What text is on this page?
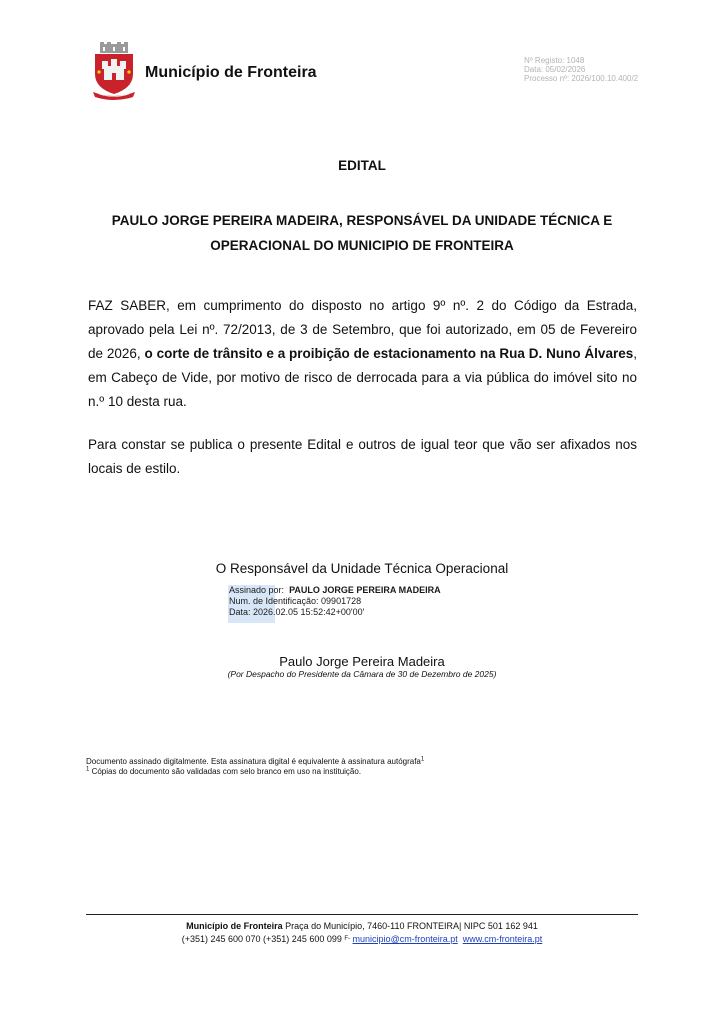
Município de Fronteira
Nº Registo: 1048
Data: 05/02/2026
Processo nº: 2026/100.10.400/2
EDITAL
PAULO JORGE PEREIRA MADEIRA, RESPONSÁVEL DA UNIDADE TÉCNICA E
OPERACIONAL DO MUNICIPIO DE FRONTEIRA
FAZ SABER, em cumprimento do disposto no artigo 9º nº. 2 do Código da Estrada, aprovado pela Lei nº. 72/2013, de 3 de Setembro, que foi autorizado, em 05 de Fevereiro de 2026, o corte de trânsito e a proibição de estacionamento na Rua D. Nuno Álvares, em Cabeço de Vide, por motivo de risco de derrocada para a via pública do imóvel sito no n.º 10 desta rua.
Para constar se publica o presente Edital e outros de igual teor que vão ser afixados nos locais de estilo.
O Responsável da Unidade Técnica Operacional
Assinado por: PAULO JORGE PEREIRA MADEIRA
Num. de Identificação: 09901728
Data: 2026.02.05 15:52:42+00'00'
Paulo Jorge Pereira Madeira
(Por Despacho do Presidente da Câmara de 30 de Dezembro de 2025)
Documento assinado digitalmente. Esta assinatura digital é equivalente à assinatura autógrafa$^1$
$^1$ Cópias do documento são validadas com selo branco em uso na instituição.
Município de Fronteira Praça do Município, 7460-110 FRONTEIRA| NIPC 501 162 941
(+351) 245 600 070 (+351) 245 600 099 F- municipio@cm-fronteira.pt www.cm-fronteira.pt
